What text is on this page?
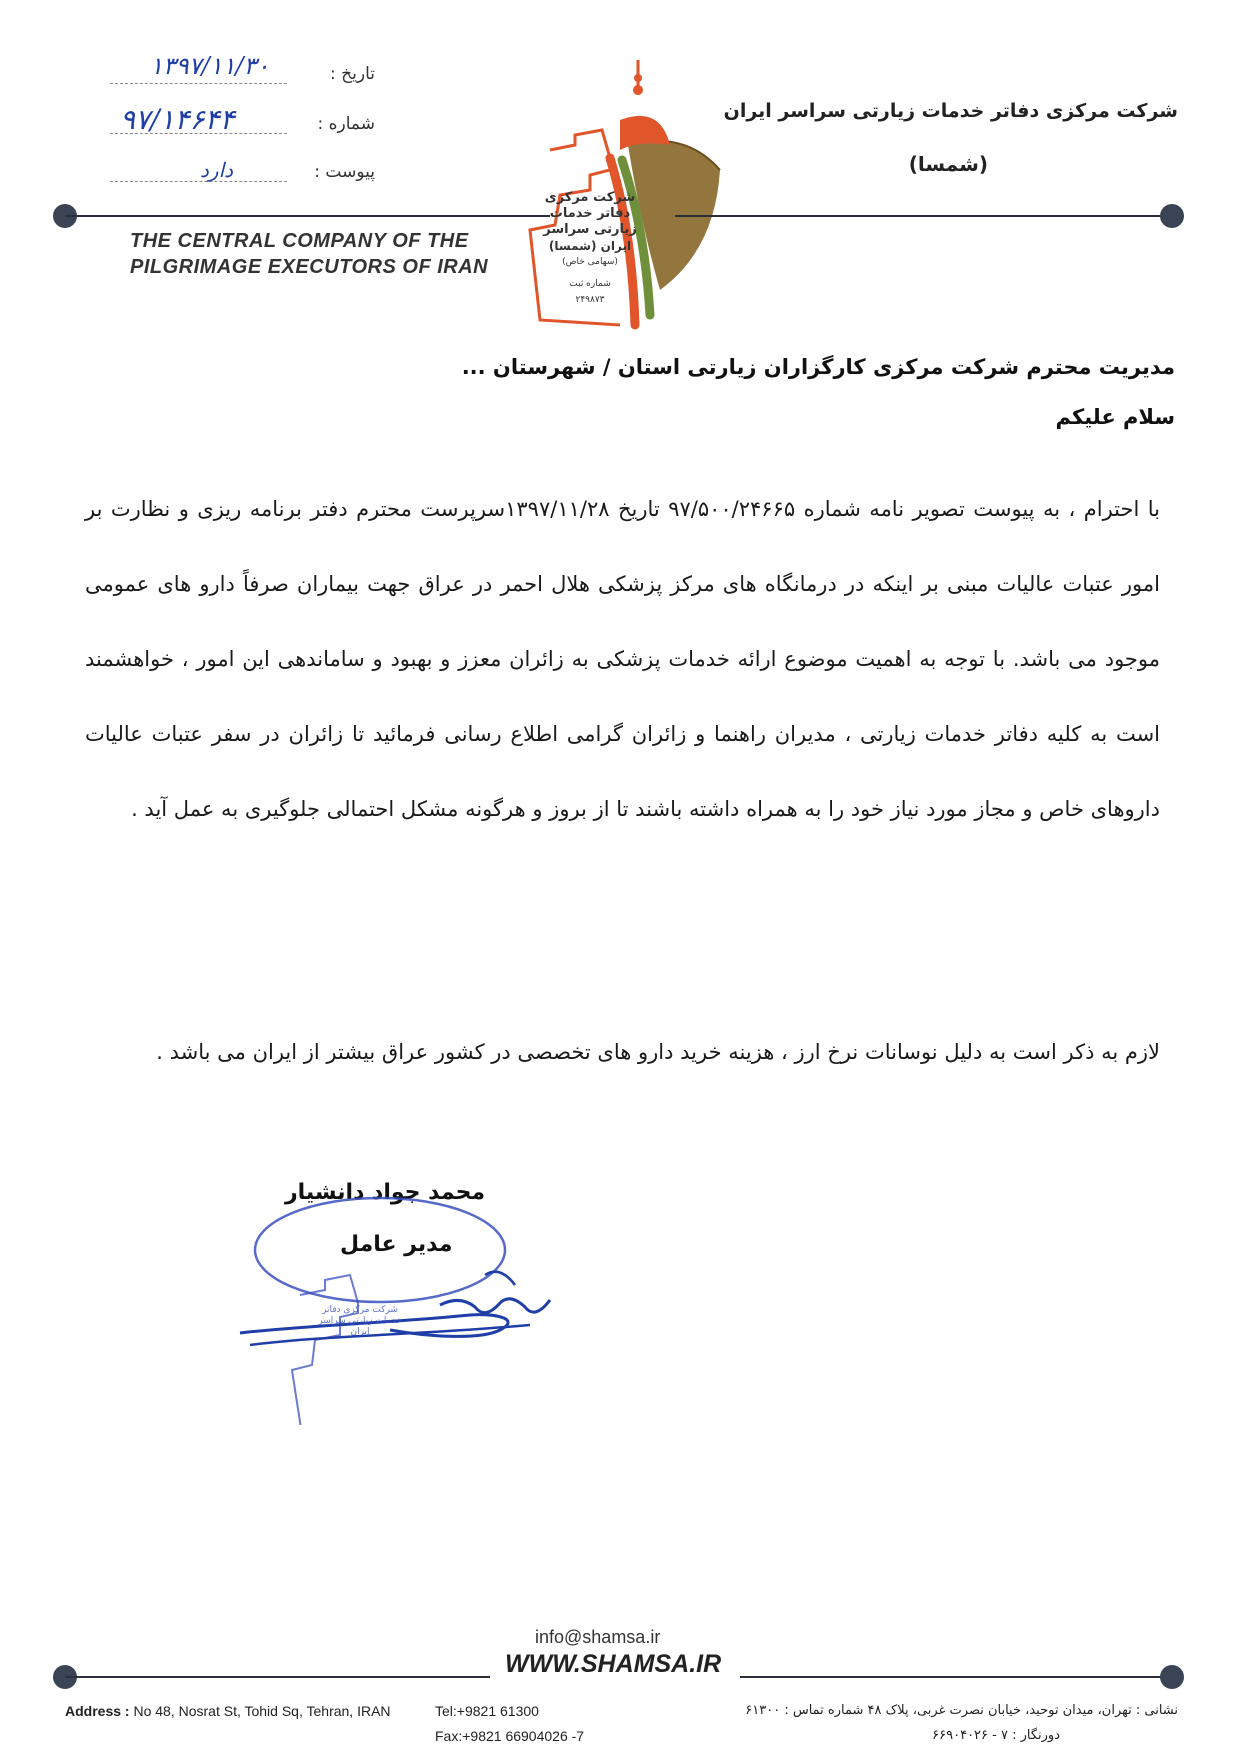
تاریخ :
۱۳۹۷/۱۱/۳۰
شماره :
۹۷/۱۴۶۴۴
پیوست :
دارد
شرکت مرکزی
دفاتر خدمات
زیارتی سراسر
ایران (شمسا)
(سهامی خاص)
شماره ثبت
۲۴۹۸۷۳
شرکت مرکزی دفاتر خدمات زیارتی سراسر ایران
(شمسا)
THE CENTRAL COMPANY OF THE
PILGRIMAGE EXECUTORS OF IRAN
مدیریت محترم شرکت مرکزی کارگزاران زیارتی استان / شهرستان ...
سلام علیکم

با احترام ، به پیوست تصویر نامه شماره ۹۷/۵۰۰/۲۴۶۶۵ تاریخ ۱۳۹۷/۱۱/۲۸سرپرست محترم دفتر برنامه ریزی و نظارت بر امور عتبات عالیات مبنی بر اینکه در درمانگاه های مرکز پزشکی هلال احمر در عراق جهت بیماران صرفاً دارو های عمومی موجود می باشد. با توجه به اهمیت موضوع ارائه خدمات پزشکی به زائران معزز و بهبود و ساماندهی این امور ، خواهشمند است به کلیه دفاتر خدمات زیارتی ، مدیران راهنما و زائران گرامی اطلاع رسانی فرمائید تا زائران در سفر عتبات عالیات داروهای خاص و مجاز مورد نیاز خود را به همراه داشته باشند تا از بروز و هرگونه مشکل احتمالی جلوگیری به عمل آید .

لازم به ذکر است به دلیل نوسانات نرخ ارز ، هزینه خرید دارو های تخصصی در کشور عراق بیشتر از ایران می باشد .

محمد جواد دانشیار
مدیر عامل
شرکت مرکزی دفاتر خدمات زیارتی سراسر ایران
info@shamsa.ir
WWW.SHAMSA.IR
Address : No 48, Nosrat St, Tohid Sq, Tehran, IRAN	Tel:+9821 61300
Fax:+9821 66904026 -7
نشانی : تهران، میدان توحید، خیابان نصرت غربی، پلاک ۴۸ شماره تماس : ۶۱۳۰۰
دورنگار : ۷ - ۶۶۹۰۴۰۲۶
